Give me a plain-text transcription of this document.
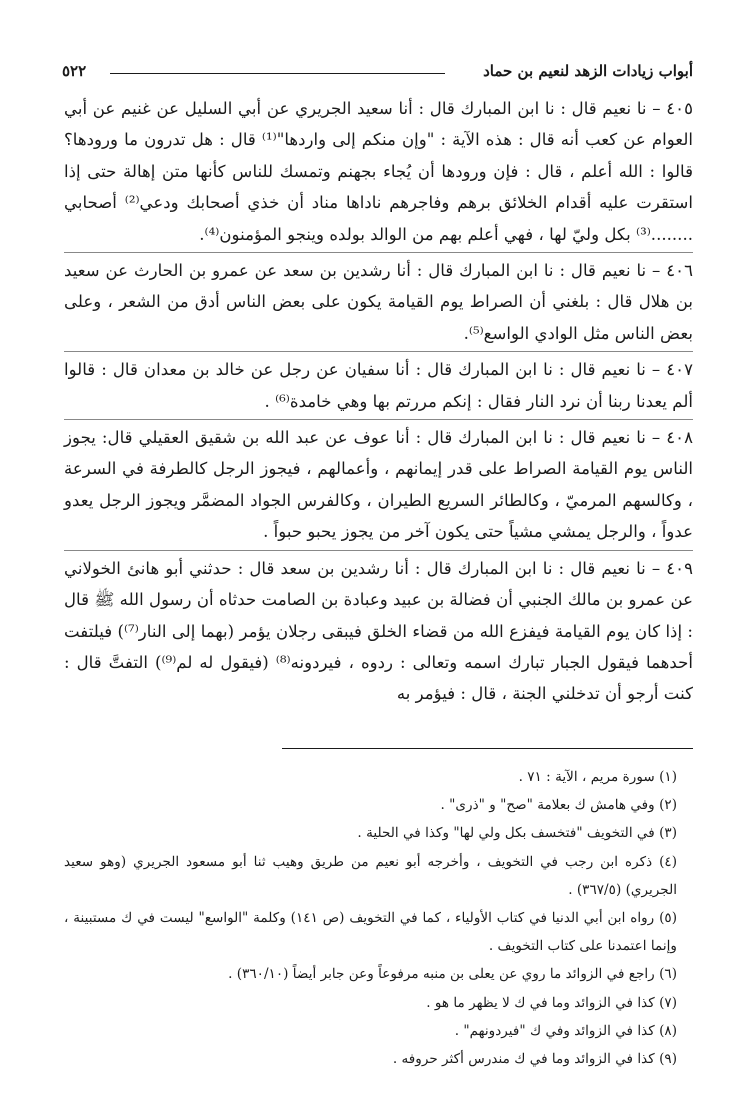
أبواب زيادات الزهد لنعيم بن حماد
٥٢٢

٤٠٥ – نا نعيم قال : نا ابن المبارك قال : أنا سعيد الجريري عن أبي السليل عن غنيم عن أبي العوام عن كعب أنه قال : هذه الآية : "وإن منكم إلى واردها"⁽¹⁾ قال : هل تدرون ما ورودها؟ قالوا : الله أعلم ، قال : فإن ورودها أن يُجاء بجهنم وتمسك للناس كأنها متن إهالة حتى إذا استقرت عليه أقدام الخلائق برهم وفاجرهم ناداها مناد أن خذي أصحابك ودعي⁽²⁾ أصحابي ........⁽³⁾ بكل وليّ لها ، فهي أعلم بهم من الوالد بولده وينجو المؤمنون⁽⁴⁾.

٤٠٦ – نا نعيم قال : نا ابن المبارك قال : أنا رشدين بن سعد عن عمرو بن الحارث عن سعيد بن هلال قال : بلغني أن الصراط يوم القيامة يكون على بعض الناس أدق من الشعر ، وعلى بعض الناس مثل الوادي الواسع⁽⁵⁾.

٤٠٧ – نا نعيم قال : نا ابن المبارك قال : أنا سفيان عن رجل عن خالد بن معدان قال : قالوا ألم يعدنا ربنا أن نرد النار فقال : إنكم مررتم بها وهي خامدة⁽⁶⁾ .

٤٠٨ – نا نعيم قال : نا ابن المبارك قال : أنا عوف عن عبد الله بن شقيق العقيلي قال: يجوز الناس يوم القيامة الصراط على قدر إيمانهم ، وأعمالهم ، فيجوز الرجل كالطرفة في السرعة ، وكالسهم المرميّ ، وكالطائر السريع الطيران ، وكالفرس الجواد المضمَّر ويجوز الرجل يعدو عدواً ، والرجل يمشي مشياً حتى يكون آخر من يجوز يحبو حبواً .

٤٠٩ – نا نعيم قال : نا ابن المبارك قال : أنا رشدين بن سعد قال : حدثني أبو هانئ الخولاني عن عمرو بن مالك الجنبي أن فضالة بن عبيد وعبادة بن الصامت حدثاه أن رسول الله ﷺ قال : إذا كان يوم القيامة فيفزع الله من قضاء الخلق فيبقى رجلان يؤمر (بهما إلى النار⁽⁷⁾) فيلتفت أحدهما فيقول الجبار تبارك اسمه وتعالى : ردوه ، فيردونه⁽⁸⁾ (فيقول له لم⁽⁹⁾) التفتَّ قال : كنت أرجو أن تدخلني الجنة ، قال : فيؤمر به

(١) سورة مريم ، الآية : ٧١ .

(٢) وفي هامش ك بعلامة "صح" و "ذرى" .

(٣) في التخويف "فتخسف بكل ولي لها" وكذا في الحلية .

(٤) ذكره ابن رجب في التخويف ، وأخرجه أبو نعيم من طريق وهيب ثنا أبو مسعود الجريري (وهو سعيد الجريري) (٣٦٧/٥) .

(٥) رواه ابن أبي الدنيا في كتاب الأولياء ، كما في التخويف (ص ١٤١) وكلمة "الواسع" ليست في ك مستبينة ، وإنما اعتمدنا على كتاب التخويف .

(٦) راجع في الزوائد ما روي عن يعلى بن منبه مرفوعاً وعن جابر أيضاً (٣٦٠/١٠) .

(٧) كذا في الزوائد وما في ك لا يظهر ما هو .

(٨) كذا في الزوائد وفي ك "فيردونهم" .

(٩) كذا في الزوائد وما في ك مندرس أكثر حروفه .
